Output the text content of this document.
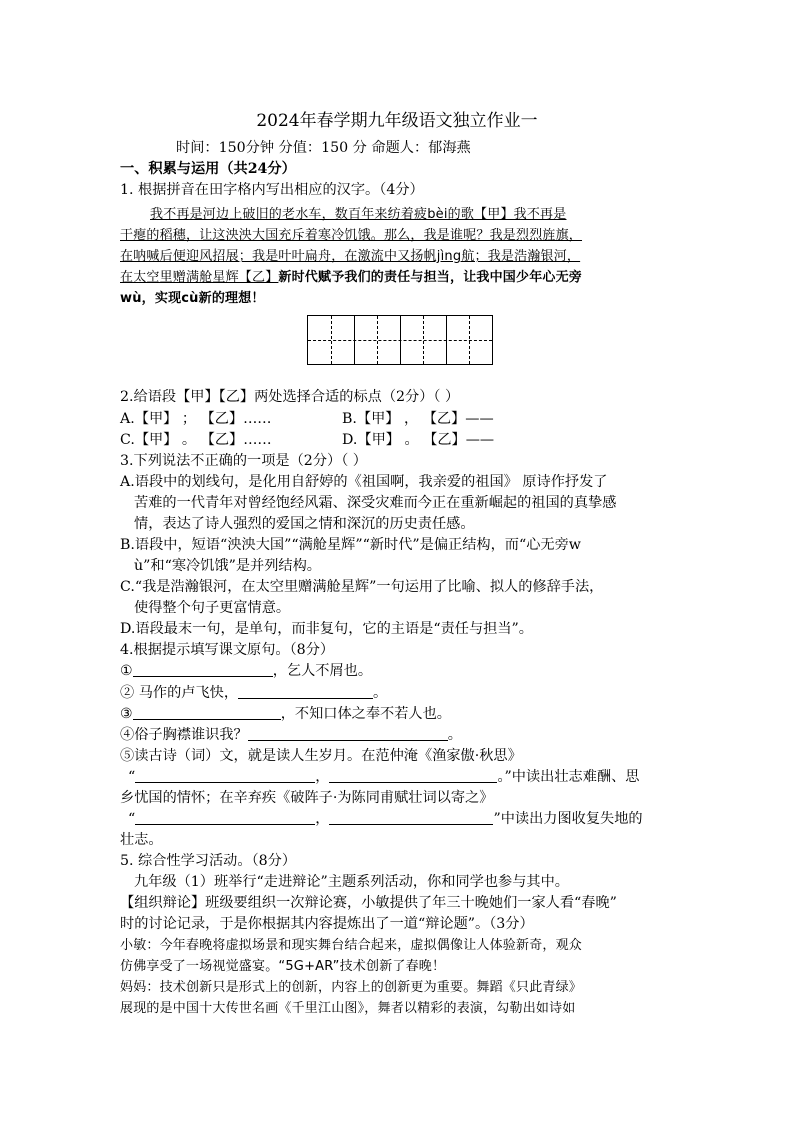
2024年春学期九年级语文独立作业一
时间：150分钟 分值：150 分 命题人：郁海燕
一、积累与运用（共24分）
1. 根据拼音在田字格内写出相应的汉字。（4分）
我不再是河边上破旧的老水车，数百年来纺着疲bèi的歌【甲】我不再是
干瘪的稻穗，让这泱泱大国充斥着寒冷饥饿。那么，我是谁呢？我是烈烈旌旗，
在呐喊后便迎风招展；我是叶叶扁舟，在激流中又扬帆jìng航；我是浩瀚银河，
在太空里赠满舱星辉【乙】新时代赋予我们的责任与担当，让我中国少年心无旁
wù，实现cù新的理想！
2.给语段【甲】【乙】两处选择合适的标点（2分）（ ）
A.【甲】 ； 【乙】……	B.【甲】 ， 【乙】——
C.【甲】 。 【乙】……	D.【甲】 。 【乙】——
3.下列说法不正确的一项是（2分）（ ）
A.语段中的划线句，是化用自舒婷的《祖国啊，我亲爱的祖国》 原诗作抒发了
苦难的一代青年对曾经饱经风霜、深受灾难而今正在重新崛起的祖国的真挚感
情，表达了诗人强烈的爱国之情和深沉的历史责任感。
B.语段中，短语“泱泱大国”“满舱星辉”“新时代”是偏正结构，而“心无旁w
ù”和“寒冷饥饿”是并列结构。
C.“我是浩瀚银河，在太空里赠满舱星辉”一句运用了比喻、拟人的修辞手法，
使得整个句子更富情意。
D.语段最末一句，是单句，而非复句，它的主语是“责任与担当”。
4.根据提示填写课文原句。（8分）
①	，乞人不屑也。
② 马作的卢飞快，	。
③	，不知口体之奉不若人也。
④俗子胸襟谁识我？	。
⑤读古诗（词）文，就是读人生岁月。在范仲淹《渔家傲·秋思》
“	，	。”中读出壮志难酬、思
乡忧国的情怀；在辛弃疾《破阵子·为陈同甫赋壮词以寄之》
“	，	”中读出力图收复失地的
壮志。
5. 综合性学习活动。（8分）
九年级（1）班举行“走进辩论”主题系列活动，你和同学也参与其中。
【组织辩论】班级要组织一次辩论赛，小敏提供了年三十晚她们一家人看“春晚”
时的讨论记录，于是你根据其内容提炼出了一道“辩论题”。（3分）
小敏：今年春晚将虚拟场景和现实舞台结合起来，虚拟偶像让人体验新奇，观众
仿佛享受了一场视觉盛宴。“5G+AR”技术创新了春晚！
妈妈：技术创新只是形式上的创新，内容上的创新更为重要。舞蹈《只此青绿》
展现的是中国十大传世名画《千里江山图》，舞者以精彩的表演，勾勒出如诗如
